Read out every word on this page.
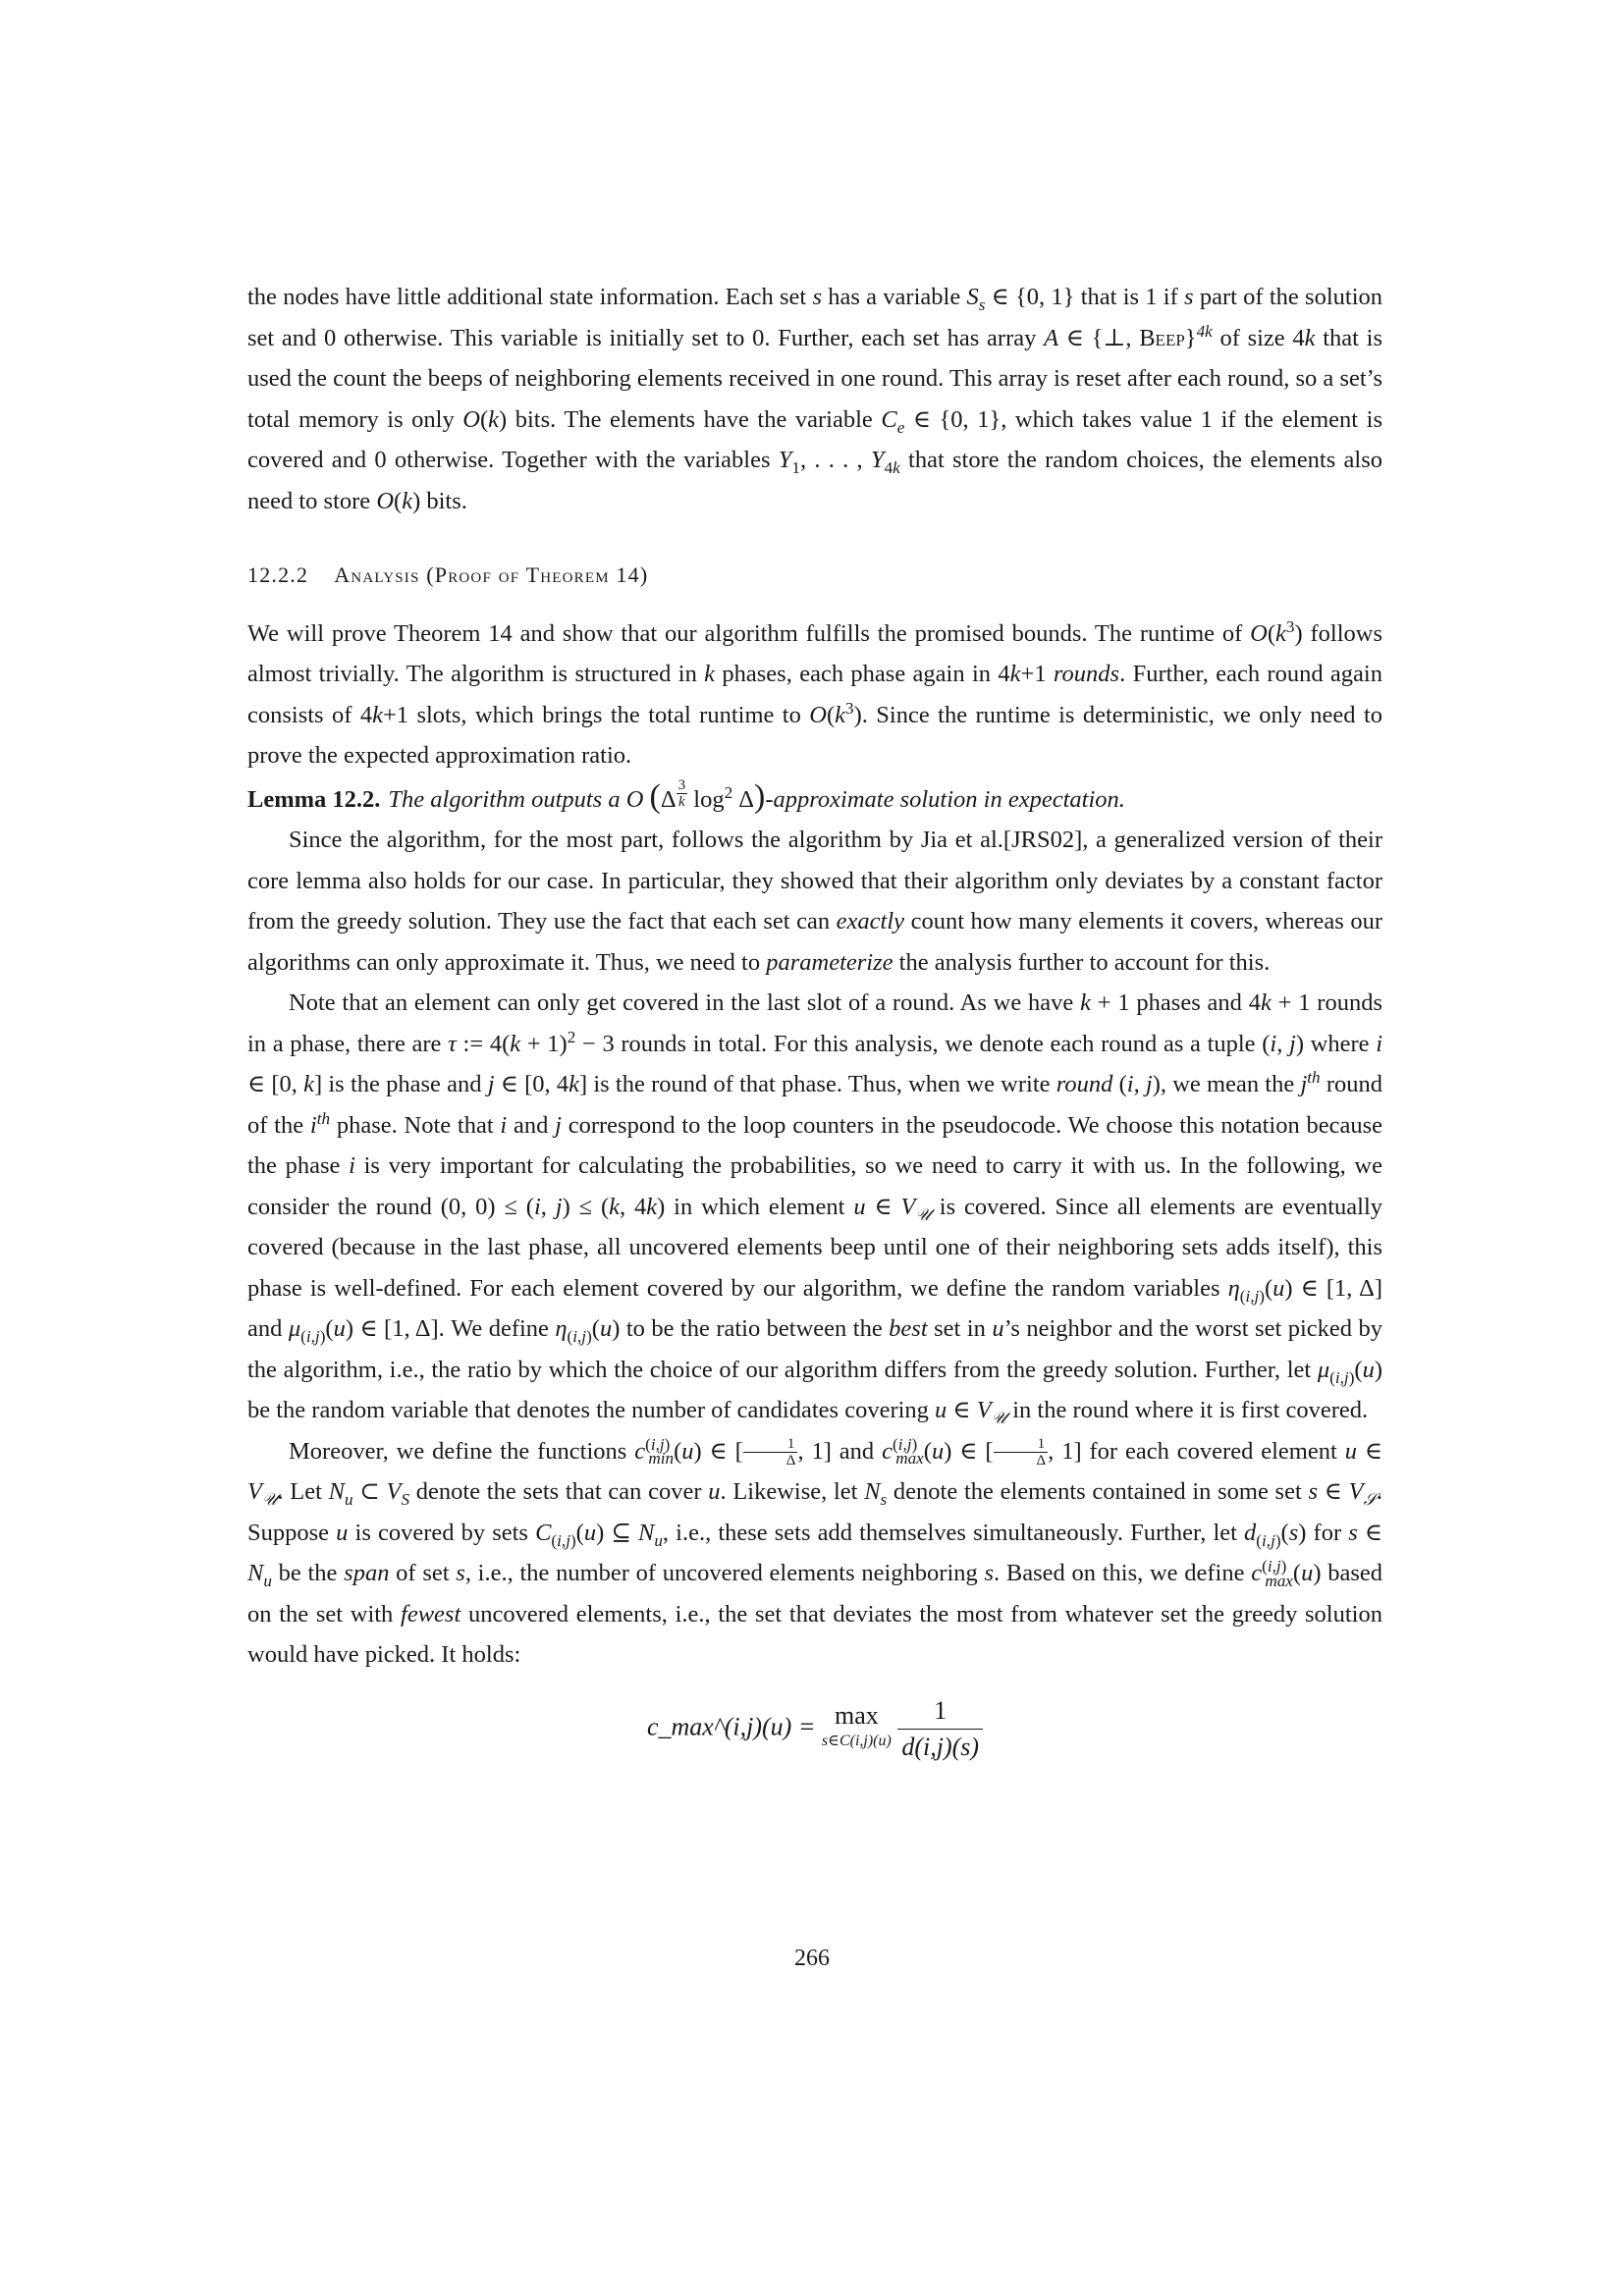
the nodes have little additional state information. Each set s has a variable $S_s$ ∈ {0, 1} that is 1 if s part of the solution set and 0 otherwise. This variable is initially set to 0. Further, each set has array A ∈ {⊥, Beep}$^{4k}$ of size 4k that is used the count the beeps of neighboring elements received in one round. This array is reset after each round, so a set’s total memory is only O(k) bits. The elements have the variable $C_e$ ∈ {0, 1}, which takes value 1 if the element is covered and 0 otherwise. Together with the variables $Y_1$, . . . , $Y_{4k}$ that store the random choices, the elements also need to store O(k) bits.

12.2.2 Analysis (Proof of Theorem 14)

We will prove Theorem 14 and show that our algorithm fulfills the promised bounds. The runtime of $O(k^3)$ follows almost trivially. The algorithm is structured in k phases, each phase again in 4k+1 rounds. Further, each round again consists of 4k+1 slots, which brings the total runtime to $O(k^3)$. Since the runtime is deterministic, we only need to prove the expected approximation ratio.

Lemma 12.2. The algorithm outputs a O (Δ $^{\frac{3}{k}}$ $\log^2$ Δ)-approximate solution in expectation.

Since the algorithm, for the most part, follows the algorithm by Jia et al.[JRS02], a generalized version of their core lemma also holds for our case. In particular, they showed that their algorithm only deviates by a constant factor from the greedy solution. They use the fact that each set can exactly count how many elements it covers, whereas our algorithms can only approximate it. Thus, we need to parameterize the analysis further to account for this.

Note that an element can only get covered in the last slot of a round. As we have k + 1 phases and 4k + 1 rounds in a phase, there are τ := $4(k + 1)^2 - 3$ rounds in total. For this analysis, we denote each round as a tuple (i, j) where i ∈ [0, k] is the phase and j ∈ [0, 4k] is the round of that phase. Thus, when we write round (i, j), we mean the $j^{th}$ round of the $i^{th}$ phase. Note that i and j correspond to the loop counters in the pseudocode. We choose this notation because the phase i is very important for calculating the probabilities, so we need to carry it with us. In the following, we consider the round (0, 0) ≤ (i, j) ≤ (k, 4k) in which element u ∈ $V_𝒰$ is covered. Since all elements are eventually covered (because in the last phase, all uncovered elements beep until one of their neighboring sets adds itself), this phase is well-defined. For each element covered by our algorithm, we define the random variables $\eta_{(i,j)}(u)$ ∈ [1, Δ] and $\mu_{(i,j)}(u)$ ∈ [1, Δ]. We define $\eta_{(i,j)}(u)$ to be the ratio between the best set in u’s neighbor and the worst set picked by the algorithm, i.e., the ratio by which the choice of our algorithm differs from the greedy solution. Further, let $\mu_{(i,j)}(u)$ be the random variable that denotes the number of candidates covering u ∈ $V_𝒰$ in the round where it is first covered.

Moreover, we define the functions $c^{(i,j)}_{min}(u)$ ∈ [ $\frac{1}{\Delta}$ , 1] and $c^{(i,j)}_{max}(u)$ ∈ [ $\frac{1}{\Delta}$ , 1] for each covered element u ∈ $V_𝒰$. Let $N_u$ ⊂ $V_S$ denote the sets that can cover u. Likewise, let $N_s$ denote the elements contained in some set s ∈ $V_𝒮$. Suppose u is covered by sets $C_{(i,j)}(u)$ ⊆ $N_u$, i.e., these sets add themselves simultaneously. Further, let $d_{(i,j)}(s)$ for s ∈ $N_u$ be the span of set s, i.e., the number of uncovered elements neighboring s. Based on this, we define $c^{(i,j)}_{max}(u)$ based on the set with fewest uncovered elements, i.e., the set that deviates the most from whatever set the greedy solution would have picked. It holds:

c_max^(i,j)(u) = max
s∈C(i,j)(u)
$\frac{1}{d(i,j)(s)}$
266
